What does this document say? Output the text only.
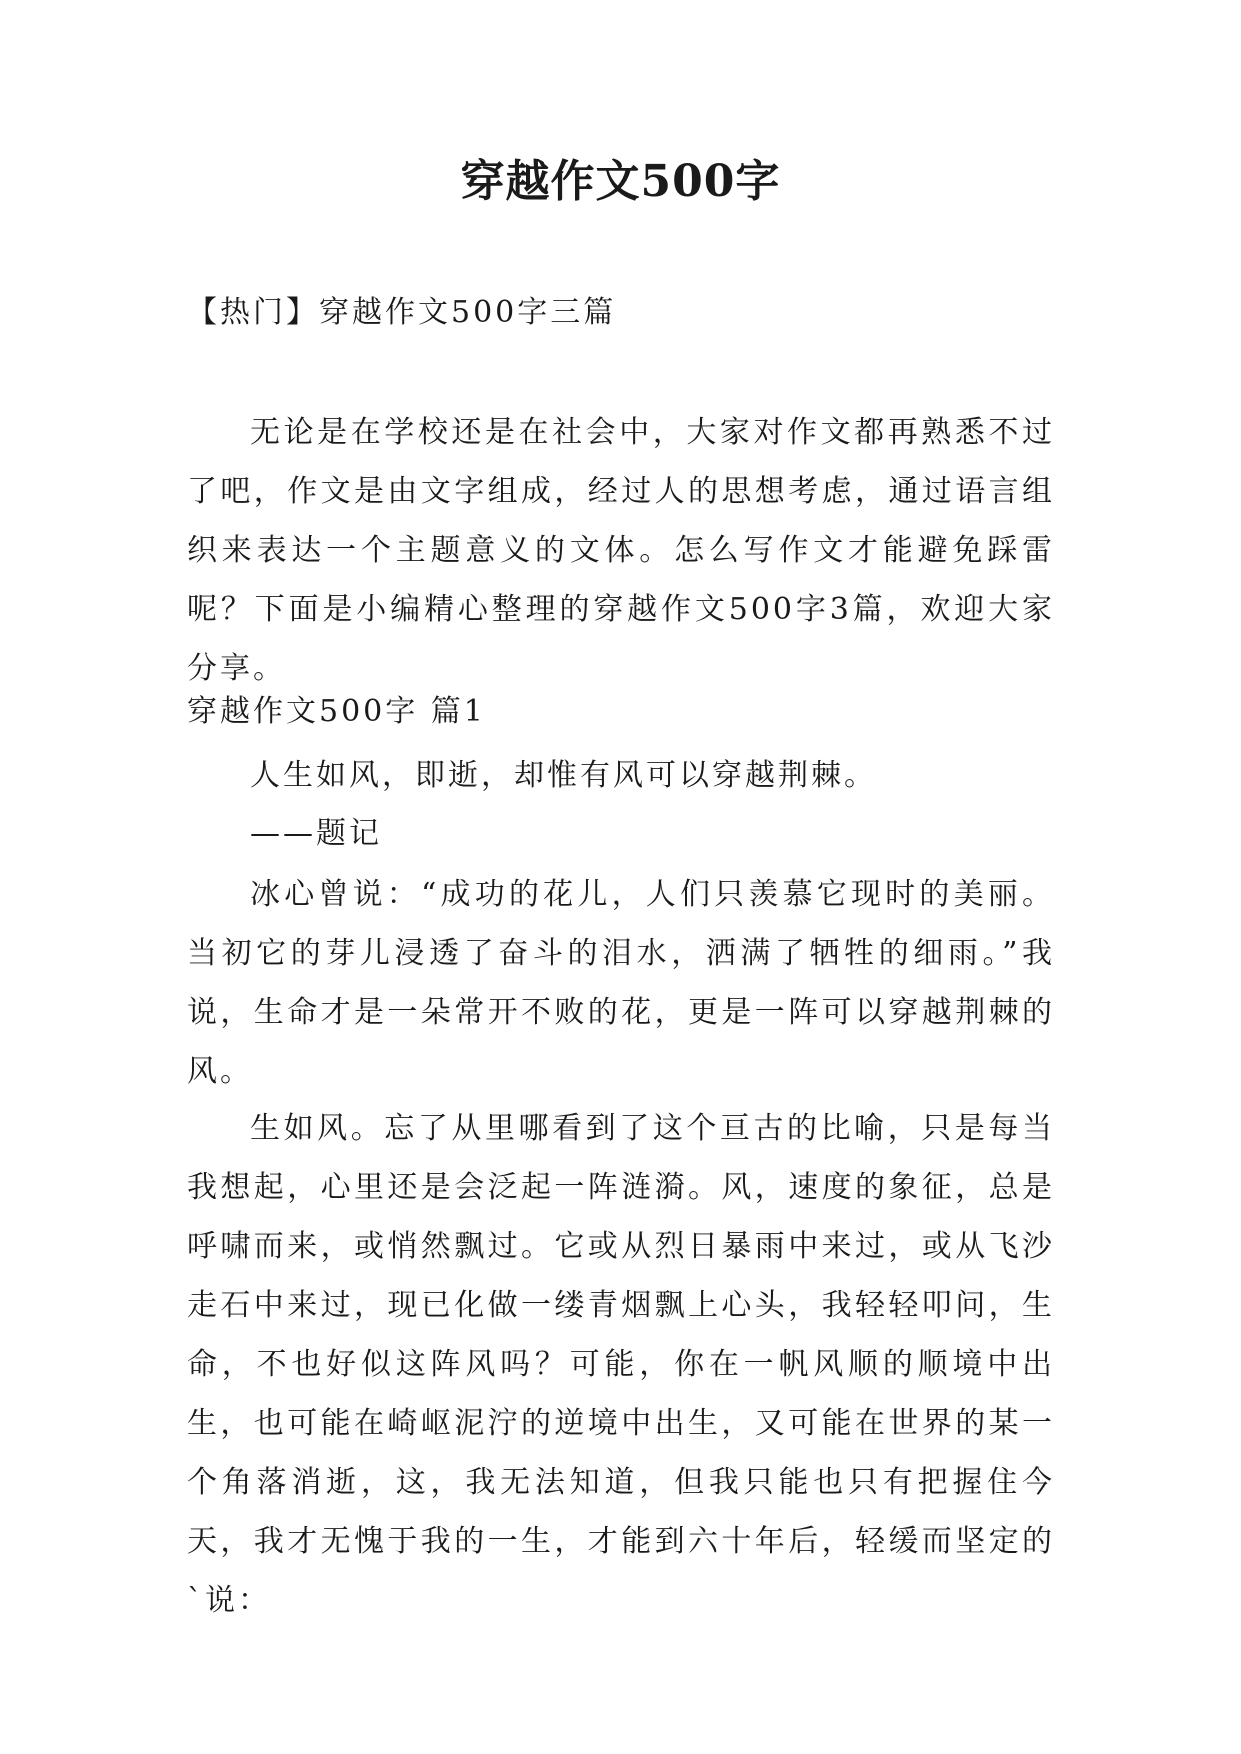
穿越作文500字
【热门】穿越作文500字三篇

无论是在学校还是在社会中，大家对作文都再熟悉不过了吧，作文是由文字组成，经过人的思想考虑，通过语言组织来表达一个主题意义的文体。怎么写作文才能避免踩雷呢？下面是小编精心整理的穿越作文500字3篇，欢迎大家分享。

穿越作文500字 篇1

人生如风，即逝，却惟有风可以穿越荆棘。

——题记

冰心曾说：“成功的花儿，人们只羡慕它现时的美丽。当初它的芽儿浸透了奋斗的泪水，洒满了牺牲的细雨。”我说，生命才是一朵常开不败的花，更是一阵可以穿越荆棘的风。

生如风。忘了从里哪看到了这个亘古的比喻，只是每当我想起，心里还是会泛起一阵涟漪。风，速度的象征，总是呼啸而来，或悄然飘过。它或从烈日暴雨中来过，或从飞沙走石中来过，现已化做一缕青烟飘上心头，我轻轻叩问，生命，不也好似这阵风吗？可能，你在一帆风顺的顺境中出生，也可能在崎岖泥泞的逆境中出生，又可能在世界的某一个角落消逝，这，我无法知道，但我只能也只有把握住今天，我才无愧于我的一生，才能到六十年后，轻缓而坚定的`说：
